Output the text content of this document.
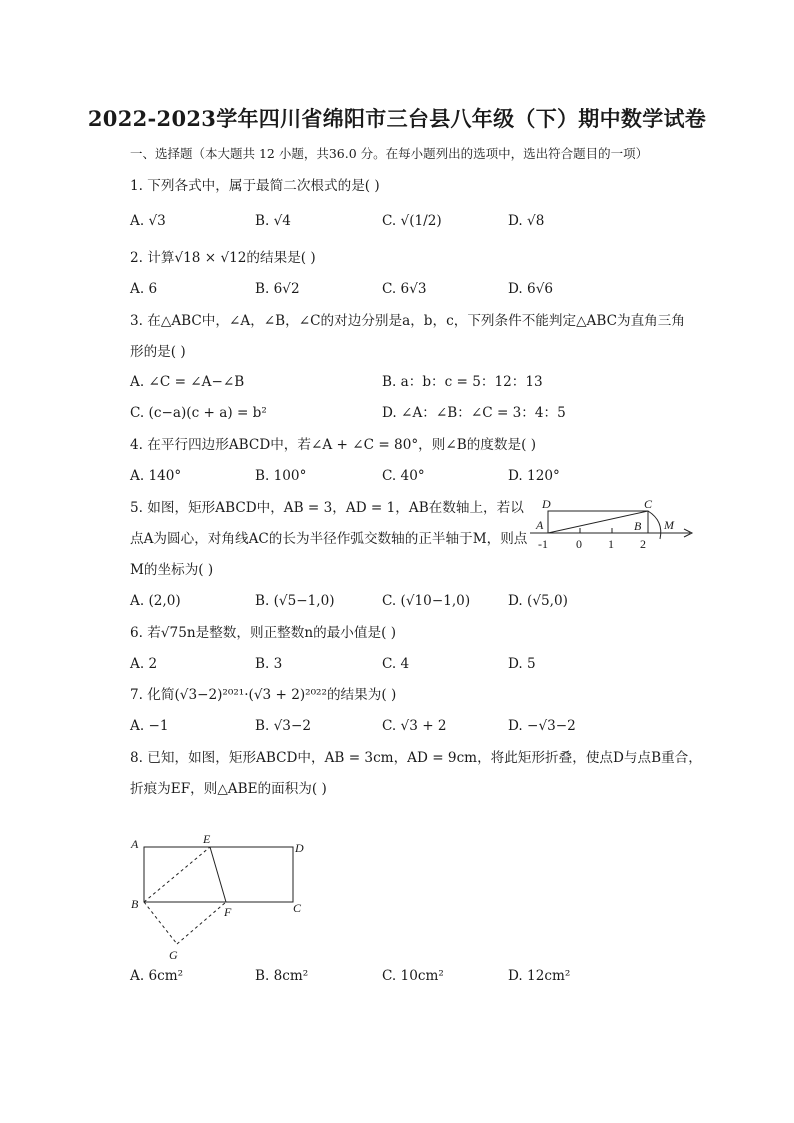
2022-2023学年四川省绵阳市三台县八年级（下）期中数学试卷
一、选择题（本大题共 12 小题，共36.0 分。在每小题列出的选项中，选出符合题目的一项）
1. 下列各式中，属于最简二次根式的是( )
A. √3	B. √4	C. √(1/2)	D. √8
2. 计算√18 × √12的结果是( )
A. 6	B. 6√2	C. 6√3	D. 6√6
3. 在△ABC中，∠A，∠B，∠C的对边分别是a，b，c，下列条件不能判定△ABC为直角三角
形的是( )
A. ∠C = ∠A−∠B	B. a：b：c = 5：12：13
C. (c−a)(c + a) = b²	D. ∠A：∠B：∠C = 3：4：5
4. 在平行四边形ABCD中，若∠A + ∠C = 80°，则∠B的度数是( )
A. 140°	B. 100°	C. 40°	D. 120°
5. 如图，矩形ABCD中，AB = 3，AD = 1，AB在数轴上，若以
点A为圆心，对角线AC的长为半径作弧交数轴的正半轴于M，则点
M的坐标为( )
D	C
A	B M
-1 0 1 2
A. (2,0)	B. (√5−1,0)	C. (√10−1,0)	D. (√5,0)
6. 若√75n是整数，则正整数n的最小值是( )
A. 2	B. 3	C. 4	D. 5
7. 化简(√3−2)²⁰²¹·(√3 + 2)²⁰²²的结果为( )
A. −1	B. √3−2	C. √3 + 2	D. −√3−2
8. 已知，如图，矩形ABCD中，AB = 3cm，AD = 9cm，将此矩形折叠，使点D与点B重合，
折痕为EF，则△ABE的面积为( )
A	E
D
B
F	C
G
A. 6cm²	B. 8cm²	C. 10cm²	D. 12cm²
